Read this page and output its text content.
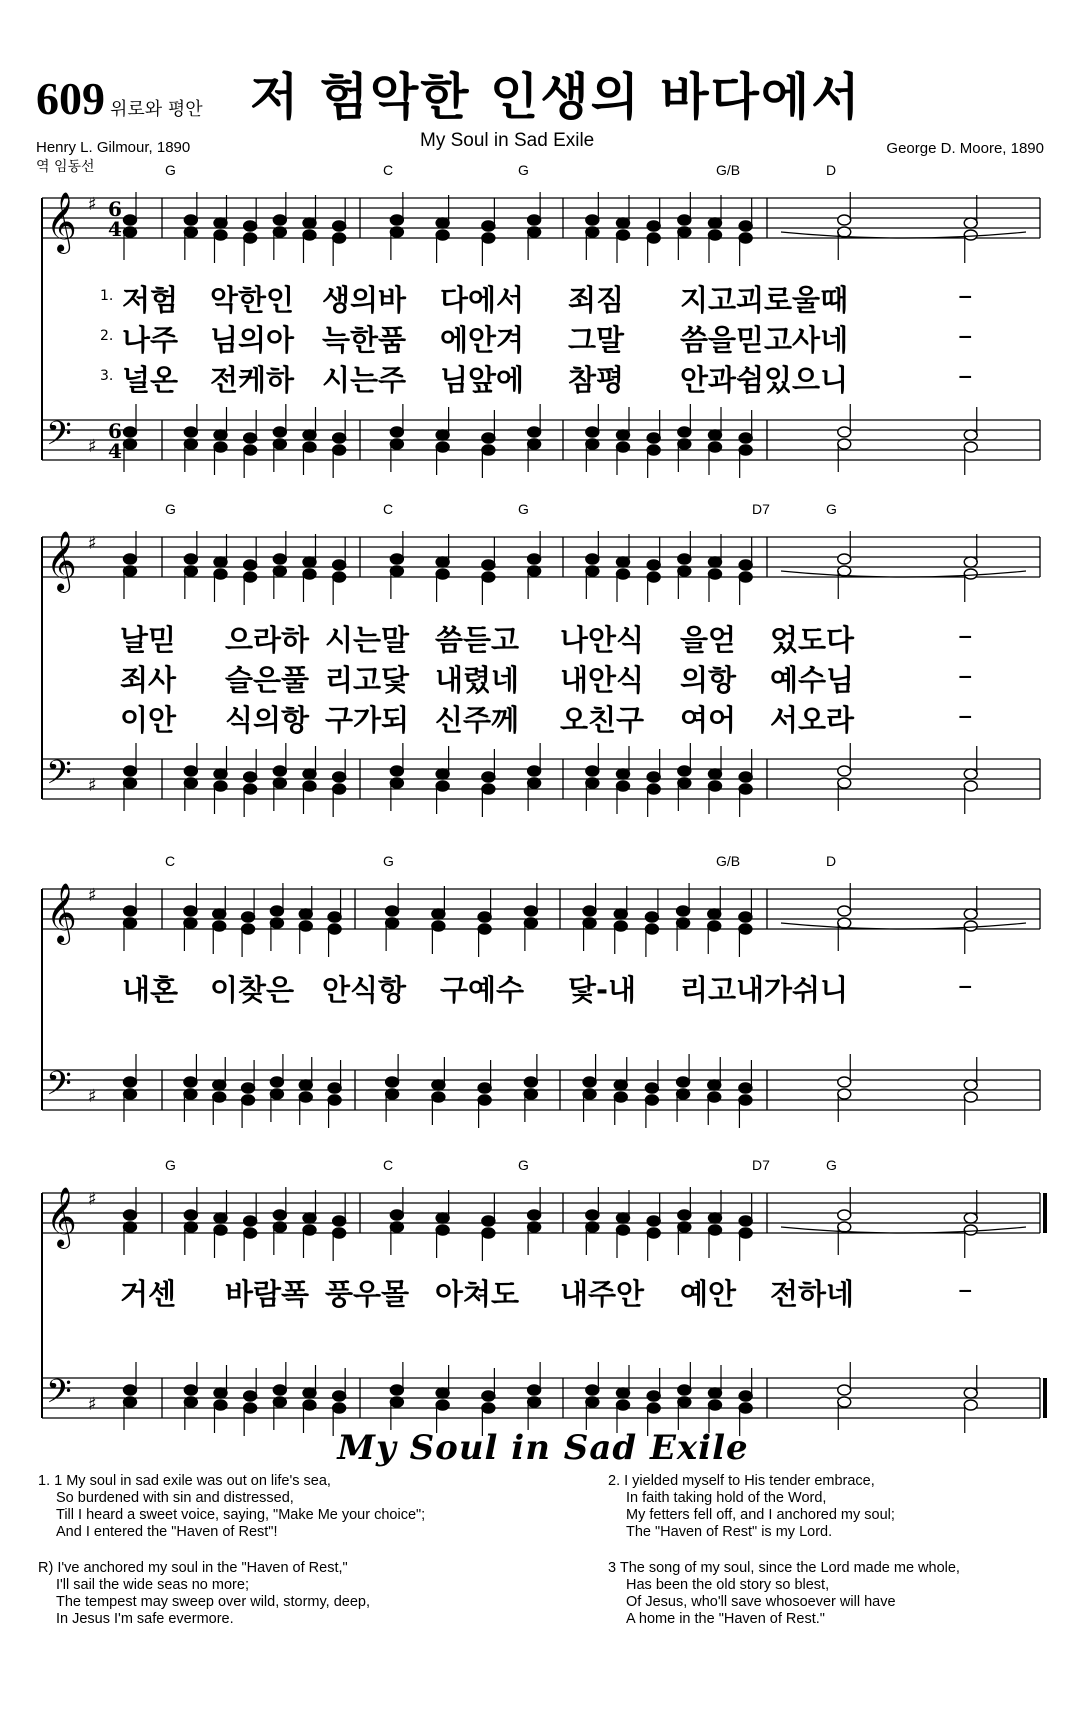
609 위로와 평안 저 험악한 인생의 바다에서
My Soul in Sad Exile
Henry L. Gilmour, 1890
역 임동선
George D. Moore, 1890
𝄞 ♯ 6
4
𝄢 ♯
6
4
𝄞 ♯
𝄢 ♯
𝄞 ♯
𝄢 ♯
𝄞 ♯
𝄢 ♯
1. 저험 악한인 생의바 다에서 죄짐 지고괴로울때	–
2. 나주 님의아 늑한품 에안겨 그말 씀을믿고사네	–
3. 널온 전케하 시는주 님앞에 참평 안과쉼있으니	–
날믿 으라하 시는말 씀듣고 나안식 을얻 었도다	–
죄사 슬은풀 리고닻 내렸네 내안식 의항 예수님	–
이안 식의항 구가되 신주께 오친구 여어 서오라	–
내혼 이찾은 안식항 구예수 닻-내 리고내가쉬니	–
거센 바람폭 풍우몰 아쳐도 내주안 예안 전하네	–
G	C	G	G/B	D
G	C	G	D7	G
C	G	G/B	D
G	C	G	D7	G
My Soul in Sad Exile
1. 1 My soul in sad exile was out on life's sea,
So burdened with sin and distressed,
Till I heard a sweet voice, saying, "Make Me your choice";
And I entered the "Haven of Rest"!
R) I've anchored my soul in the "Haven of Rest,"
I'll sail the wide seas no more;
The tempest may sweep over wild, stormy, deep,
In Jesus I'm safe evermore.
2. I yielded myself to His tender embrace,
In faith taking hold of the Word,
My fetters fell off, and I anchored my soul;
The "Haven of Rest" is my Lord.
3 The song of my soul, since the Lord made me whole,
Has been the old story so blest,
Of Jesus, who'll save whosoever will have
A home in the "Haven of Rest."
